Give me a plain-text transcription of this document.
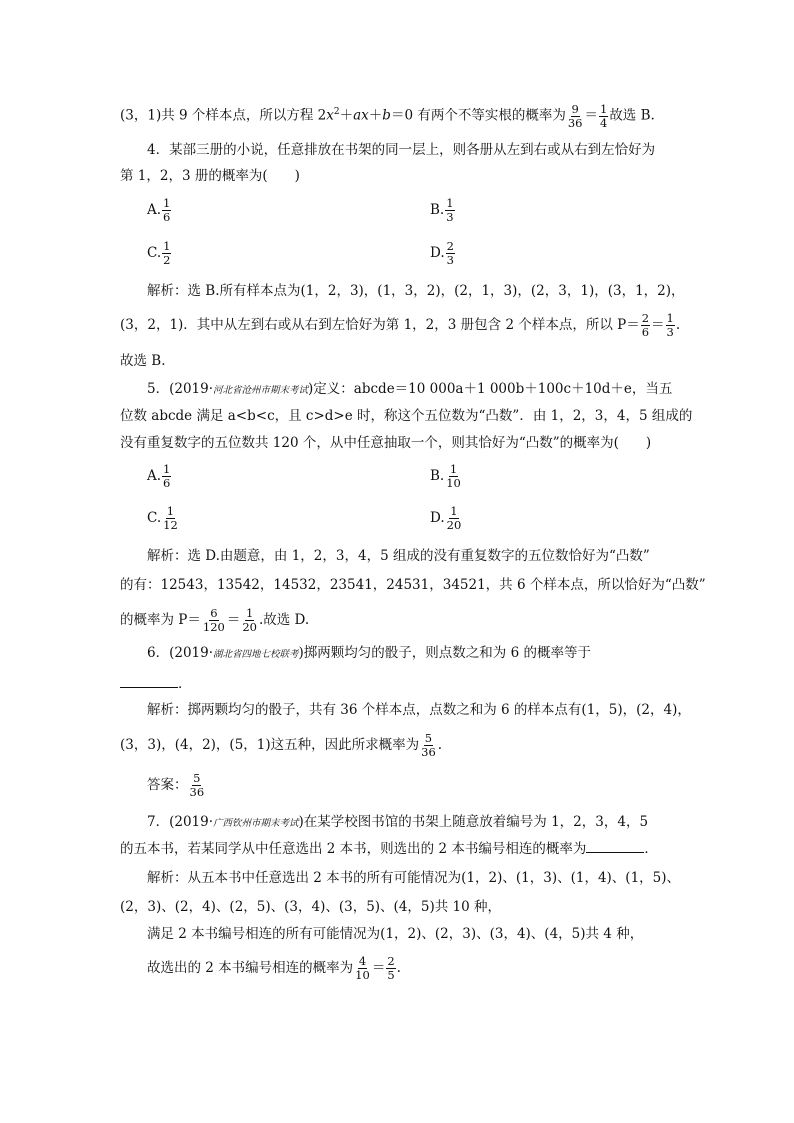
(3，1)共 9 个样本点，所以方程 $2x^2+ax+b=0$ 有两个不等实根的概率为 $\frac{9}{36} = \frac{1}{4}$ 故选 B.
4．某部三册的小说，任意排放在书架的同一层上，则各册从左到右或从右到左恰好为
第 1，2，3 册的概率为(　　)
A. $\frac{1}{6}$	B. $\frac{1}{3}$
C. $\frac{1}{2}$	D. $\frac{2}{3}$
解析：选 B.所有样本点为(1，2，3)，(1，3，2)，(2，1，3)，(2，3，1)，(3，1，2)，
(3，2，1)．其中从左到右或从右到左恰好为第 1，2，3 册包含 2 个样本点，所以 $P= \frac{2}{6} = \frac{1}{3}$ .
故选 B.
5．(2019·河北省沧州市期末考试)定义：abcde＝10 000a＋1 000b＋100c＋10d＋e，当五
位数 abcde 满足 a<b<c，且 c>d>e 时，称这个五位数为“凸数”．由 1，2，3，4，5 组成的
没有重复数字的五位数共 120 个，从中任意抽取一个，则其恰好为“凸数”的概率为(　　)
A. $\frac{1}{6}$	B. $\frac{1}{10}$
C. $\frac{1}{12}$	D. $\frac{1}{20}$
解析：选 D.由题意，由 1，2，3，4，5 组成的没有重复数字的五位数恰好为“凸数”
的有：12543，13542，14532，23541，24531，34521，共 6 个样本点，所以恰好为“凸数”
的概率为 $P= \frac{6}{120} = \frac{1}{20}$ .故选 D.
6．(2019·湖北省四地七校联考)掷两颗均匀的骰子，则点数之和为 6 的概率等于
．
解析：掷两颗均匀的骰子，共有 36 个样本点，点数之和为 6 的样本点有(1，5)，(2，4)，
(3，3)，(4，2)，(5，1)这五种，因此所求概率为 $\frac{5}{36}$ .
答案： $\frac{5}{36}$
7．(2019·广西钦州市期末考试)在某学校图书馆的书架上随意放着编号为 1，2，3，4，5
的五本书，若某同学从中任意选出 2 本书，则选出的 2 本书编号相连的概率为	．
解析：从五本书中任意选出 2 本书的所有可能情况为(1，2)、(1，3)、(1，4)、(1，5)、
(2，3)、(2，4)、(2，5)、(3，4)、(3，5)、(4，5)共 10 种，
满足 2 本书编号相连的所有可能情况为(1，2)、(2，3)、(3，4)、(4，5)共 4 种，
故选出的 2 本书编号相连的概率为 $\frac{4}{10} = \frac{2}{5}$ .
